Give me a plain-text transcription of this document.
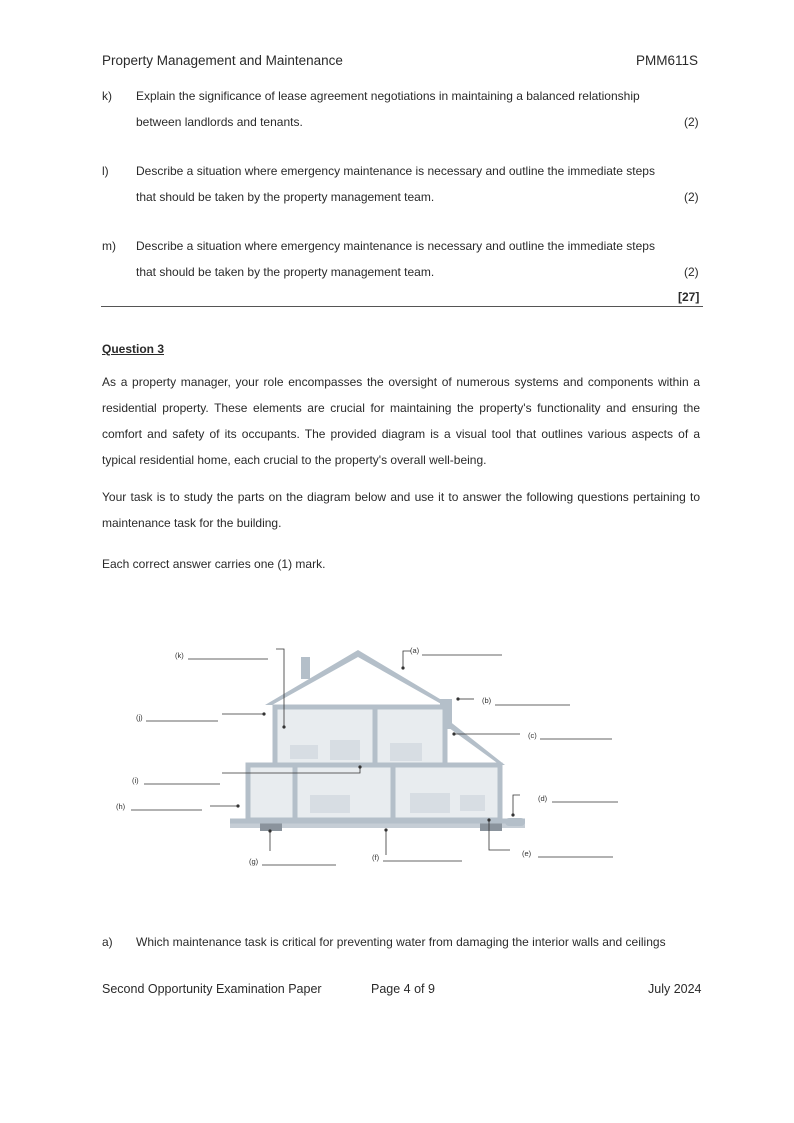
Property Management and Maintenance	PMM611S
k) Explain the significance of lease agreement negotiations in maintaining a balanced relationship
between landlords and tenants.	(2)
l) Describe a situation where emergency maintenance is necessary and outline the immediate steps
that should be taken by the property management team.	(2)
m) Describe a situation where emergency maintenance is necessary and outline the immediate steps
that should be taken by the property management team.	(2)
[27]
Question 3
As a property manager, your role encompasses the oversight of numerous systems and components within a residential property. These elements are crucial for maintaining the property's functionality and ensuring the comfort and safety of its occupants. The provided diagram is a visual tool that outlines various aspects of a typical residential home, each crucial to the property's overall well-being.
Your task is to study the parts on the diagram below and use it to answer the following questions pertaining to maintenance task for the building.
Each correct answer carries one (1) mark.
(k)
(a)
(b)
(c)
(j)
(i)
(h)
(d)
(e)
(f)
(g)
a) Which maintenance task is critical for preventing water from damaging the interior walls and ceilings
Second Opportunity Examination Paper	Page 4 of 9	July 2024
